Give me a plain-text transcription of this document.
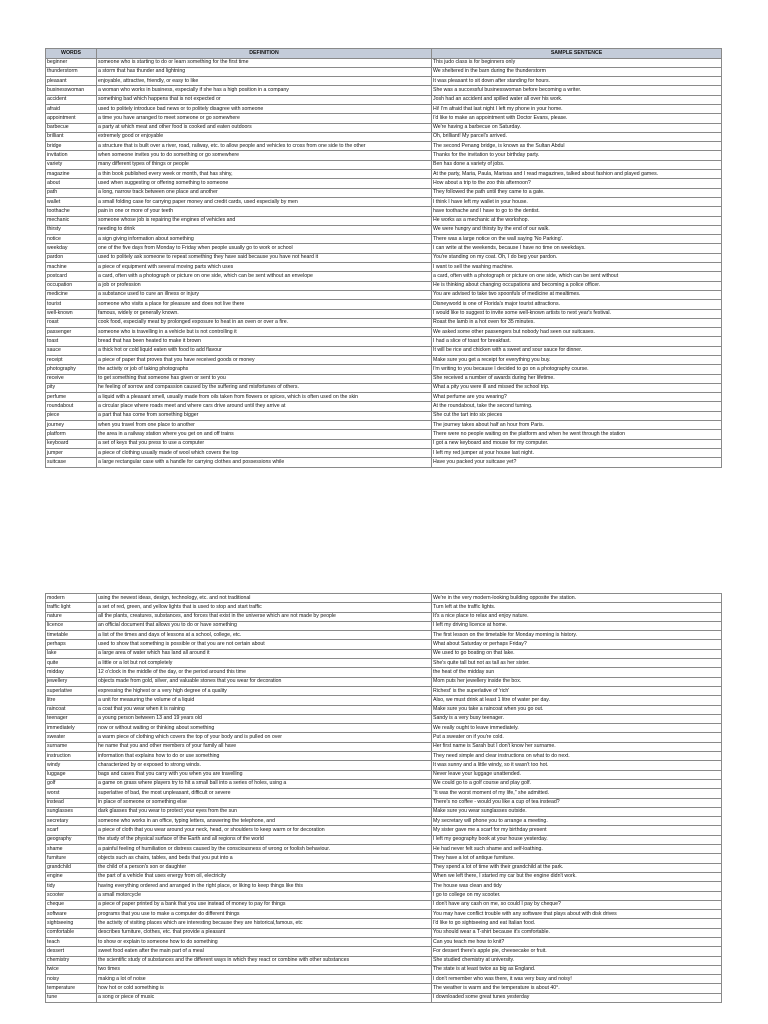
WORDS	DEFINITION	SAMPLE SENTENCE
beginner	someone who is starting to do or learn something for the first time	This judo class is for beginners only
thunderstorm	a storm that has thunder and lightning	We sheltered in the barn during the thunderstorm
pleasant	enjoyable, attractive, friendly, or easy to like	It was pleasant to sit down after standing for hours.
businesswoman	a woman who works in business, especially if she has a high position in a company	She was a successful businesswoman before becoming a writer.
accident	something bad which happens that is not expected or	Josh had an accident and spilled water all over his work.
afraid	used to politely introduce bad news or to politely disagree with someone	Hi! I'm afraid that last night I left my phone in your home.
appointment	a time you have arranged to meet someone or go somewhere	I'd like to make an appointment with Doctor Evans, please.
barbecue	a party at which meat and other food is cooked and eaten outdoors	We're having a barbecue on Saturday.
brilliant	extremely good or enjoyable	Oh, brilliant! My parcel's arrived.
bridge	a structure that is built over a river, road, railway, etc. to allow people and vehicles to cross from one side to the other	The second Penang bridge, is known as the Sultan Abdul
invitation	when someone invites you to do something or go somewhere	Thanks for the invitation to your birthday party.
variety	many different types of things or people	Ben has done a variety of jobs.
magazine	a thin book published every week or month, that has shiny,	At the party, Maria, Paula, Marissa and I read magazines, talked about fashion and played games.
about	used when suggesting or offering something to someone	How about a trip to the zoo this afternoon?
path	a long, narrow track between one place and another	They followed the path until they came to a gate.
wallet	a small folding case for carrying paper money and credit cards, used especially by men	I think I have left my wallet in your house.
toothache	pain in one or more of your teeth	have toothache and I have to go to the dentist.
mechanic	someone whose job is repairing the engines of vehicles and	He works as a mechanic at the workshop.
thirsty	needing to drink	We were hungry and thirsty by the end of our walk.
notice	a sign giving information about something	There was a large notice on the wall saying 'No Parking'.
weekday	one of the five days from Monday to Friday when people usually go to work or school	I can write at the weekends, because I have no time on weekdays.
pardon	used to politely ask someone to repeat something they have said because you have not heard it	You're standing on my coat. Oh, I do beg your pardon.
machine	a piece of equipment with several moving parts which uses	I want to sell the washing machine.
postcard	a card, often with a photograph or picture on one side, which can be sent without an envelope	a card, often with a photograph or picture on one side, which can be sent without
occupation	a job or profession	He is thinking about changing occupations and becoming a police officer.
medicine	a substance used to cure an illness or injury	You are advised to take two spoonfuls of medicine at mealtimes.
tourist	someone who visits a place for pleasure and does not live there	Disneyworld is one of Florida's major tourist attractions.
well-known	famous, widely or generally known.	I would like to suggest to invite some well-known artists to next year's festival.
roast	cook food, especially meat by prolonged exposure to heat in an oven or over a fire.	Roast the lamb in a hot oven for 35 minutes.
passenger	someone who is travelling in a vehicle but is not controlling it	We asked some other passengers but nobody had seen our suitcases.
toast	bread that has been heated to make it brown	I had a slice of toast for breakfast.
sauce	a thick hot or cold liquid eaten with food to add flavour	It will be rice and chicken with a sweet and sour sauce for dinner.
receipt	a piece of paper that proves that you have received goods or money	Make sure you get a receipt for everything you buy.
photography	the activity or job of taking photographs	I'm writing to you because I decided to go on a photography course.
receive	to get something that someone has given or sent to you	She received a number of awards during her lifetime.
pity	he feeling of sorrow and compassion caused by the suffering and misfortunes of others.	What a pity you were ill and missed the school trip.
perfume	a liquid with a pleasant smell, usually made from oils taken from flowers or spices, which is often used on the skin	What perfume are you wearing?
roundabout	a circular place where roads meet and where cars drive around until they arrive at	At the roundabout, take the second turning.
piece	a part that has come from something bigger	She cut the tart into six pieces
journey	when you travel from one place to another	The journey takes about half an hour from Paris.
platform	the area in a railway station where you get on and off trains	There were no people waiting on the platform and when he went through the station
keyboard	a set of keys that you press to use a computer	I got a new keyboard and mouse for my computer.
jumper	a piece of clothing usually made of wool which covers the top	I left my red jumper at your house last night.
suitcase	a large rectangular case with a handle for carrying clothes and possessions while	Have you packed your suitcase yet?
modern	using the newest ideas, design, technology, etc. and not traditional	We're in the very modern-looking building opposite the station.
traffic light	a set of red, green, and yellow lights that is used to stop and start traffic	Turn left at the traffic lights.
nature	all the plants, creatures, substances, and forces that exist in the universe which are not made by people	It's a nice place to relax and enjoy nature.
licence	an official document that allows you to do or have something	I left my driving licence at home.
timetable	a list of the times and days of lessons at a school, college, etc.	The first lesson on the timetable for Monday morning is history.
perhaps	used to show that something is possible or that you are not certain about	What about Saturday or perhaps Friday?
lake	a large area of water which has land all around it	We used to go boating on that lake.
quite	a little or a lot but not completely	She's quite tall but not as tall as her sister.
midday	12 o'clock in the middle of the day, or the period around this time	the heat of the midday sun
jewellery	objects made from gold, silver, and valuable stones that you wear for decoration	Mom puts her jewellery inside the box.
superlative	expressing the highest or a very high degree of a quality	Richest' is the superlative of 'rich'
litre	a unit for measuring the volume of a liquid	Also, we must drink at least 1 litre of water per day.
raincoat	a coat that you wear when it is raining	Make sure you take a raincoat when you go out.
teenager	a young person between 13 and 19 years old	Sandy is a very busy teenager.
immediately	now or without waiting or thinking about something	We really ought to leave immediately.
sweater	a warm piece of clothing which covers the top of your body and is pulled on over	Put a sweater on if you're cold.
surname	he name that you and other members of your family all have	Her first name is Sarah but I don't know her surname.
instruction	information that explains how to do or use something	They need simple and clear instructions on what to do next.
windy	characterized by or exposed to strong winds.	It was sunny and a little windy, so it wasn't too hot.
luggage	bags and cases that you carry with you when you are travelling	Never leave your luggage unattended.
golf	a game on grass where players try to hit a small ball into a series of holes, using a	We could go to a golf course and play golf.
worst	superlative of bad, the most unpleasant, difficult or severe	"It was the worst moment of my life," she admitted.
instead	in place of someone or something else	There's no coffee - would you like a cup of tea instead?
sunglasses	dark glasses that you wear to protect your eyes from the sun	Make sure you wear sunglasses outside.
secretary	someone who works in an office, typing letters, answering the telephone, and	My secretary will phone you to arrange a meeting.
scarf	a piece of cloth that you wear around your neck, head, or shoulders to keep warm or for decoration	My sister gave me a scarf for my birthday present
geography	the study of the physical surface of the Earth and all regions of the world	I left my geography book at your house yesterday.
shame	a painful feeling of humiliation or distress caused by the consciousness of wrong or foolish behaviour.	He had never felt such shame and self-loathing.
furniture	objects such as chairs, tables, and beds that you put into a	They have a lot of antique furniture.
grandchild	the child of a person's son or daughter	They spend a lot of time with their grandchild at the park.
engine	the part of a vehicle that uses energy from oil, electricity	When we left there, I started my car but the engine didn't work.
tidy	having everything ordered and arranged in the right place, or liking to keep things like this	The house was clean and tidy
scooter	a small motorcycle	I go to college on my scooter.
cheque	a piece of paper printed by a bank that you use instead of money to pay for things	I don't have any cash on me, so could I pay by cheque?
software	programs that you use to make a computer do different things	You may have conflict trouble with any software that plays about with disk drives
sightseeing	the activity of visiting places which are interesting because they are historical,famous, etc	I'd like to go sightseeing and eat Italian food.
comfortable	describes furniture, clothes, etc. that provide a pleasant	You should wear a T-shirt because it's comfortable.
teach	to show or explain to someone how to do something	Can you teach me how to knit?
dessert	sweet food eaten after the main part of a meal	For dessert there's apple pie, cheesecake or fruit.
chemistry	the scientific study of substances and the different ways in which they react or combine with other substances	She studied chemistry at university.
twice	two times	The state is at least twice as big as England.
noisy	making a lot of noise	I don't remember who was there, it was very busy and noisy!
temperature	how hot or cold something is	The weather is warm and the temperature is about 40°.
tune	a song or piece of music	I downloaded some great tunes yesterday
